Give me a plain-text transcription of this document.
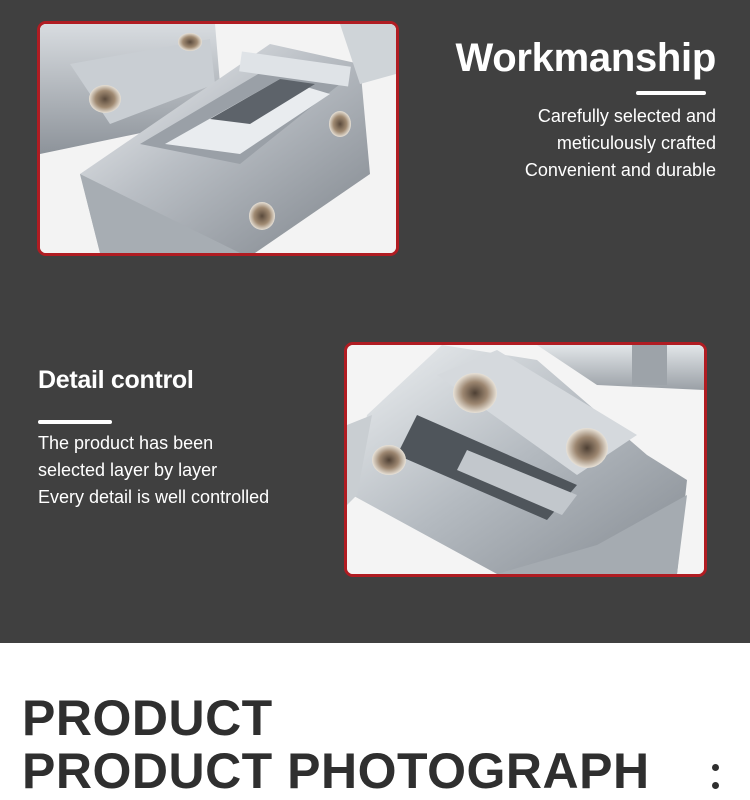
Workmanship
Carefully selected and
meticulously crafted
Convenient and durable
Detail control
The product has been
selected layer by layer
Every detail is well controlled
PRODUCT
PRODUCT PHOTOGRAPH
